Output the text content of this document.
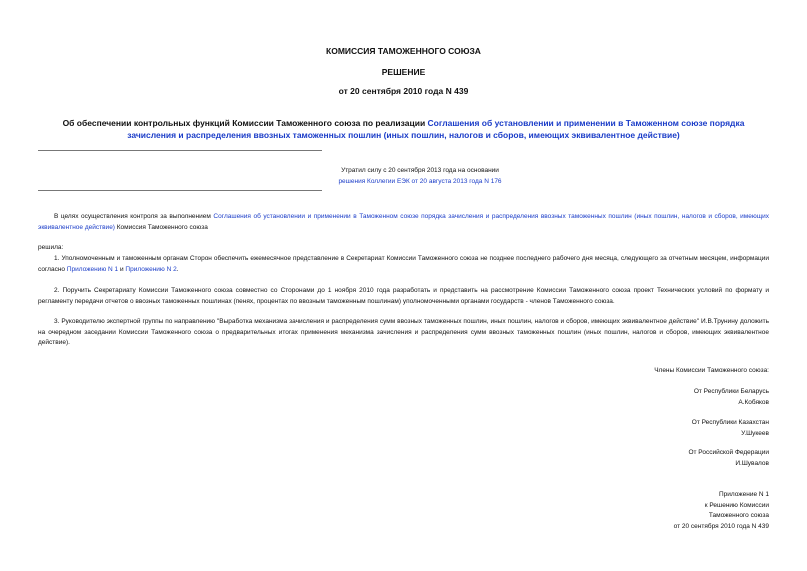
КОМИССИЯ ТАМОЖЕННОГО СОЮЗА
РЕШЕНИЕ
от 20 сентября 2010 года N 439
Об обеспечении контрольных функций Комиссии Таможенного союза по реализации Соглашения об установлении и применении в Таможенном союзе порядка зачисления и распределения ввозных таможенных пошлин (иных пошлин, налогов и сборов, имеющих эквивалентное действие)
Утратил силу с 20 сентября 2013 года на основании
решения Коллегии ЕЭК от 20 августа 2013 года N 176
В целях осуществления контроля за выполнением Соглашения об установлении и применении в Таможенном союзе порядка зачисления и распределения ввозных таможенных пошлин (иных пошлин, налогов и сборов, имеющих эквивалентное действие) Комиссия Таможенного союза
решила:
1. Уполномоченным и таможенным органам Сторон обеспечить ежемесячное представление в Секретариат Комиссии Таможенного союза не позднее последнего рабочего дня месяца, следующего за отчетным месяцем, информации согласно Приложению N 1 и Приложению N 2.
2. Поручить Секретариату Комиссии Таможенного союза совместно со Сторонами до 1 ноября 2010 года разработать и представить на рассмотрение Комиссии Таможенного союза проект Технических условий по формату и регламенту передачи отчетов о ввозных таможенных пошлинах (пенях, процентах по ввозным таможенным пошлинам) уполномоченными органами государств - членов Таможенного союза.
3. Руководителю экспертной группы по направлению "Выработка механизма зачисления и распределения сумм ввозных таможенных пошлин, иных пошлин, налогов и сборов, имеющих эквивалентное действие" И.В.Трунину доложить на очередном заседании Комиссии Таможенного союза о предварительных итогах применения механизма зачисления и распределения сумм ввозных таможенных пошлин (иных пошлин, налогов и сборов, имеющих эквивалентное действие).
Члены Комиссии Таможенного союза:
От Республики Беларусь
А.Кобяков
От Республики Казахстан
У.Шукеев
От Российской Федерации
И.Шувалов
Приложение N 1
к Решению Комиссии
Таможенного союза
от 20 сентября 2010 года N 439
